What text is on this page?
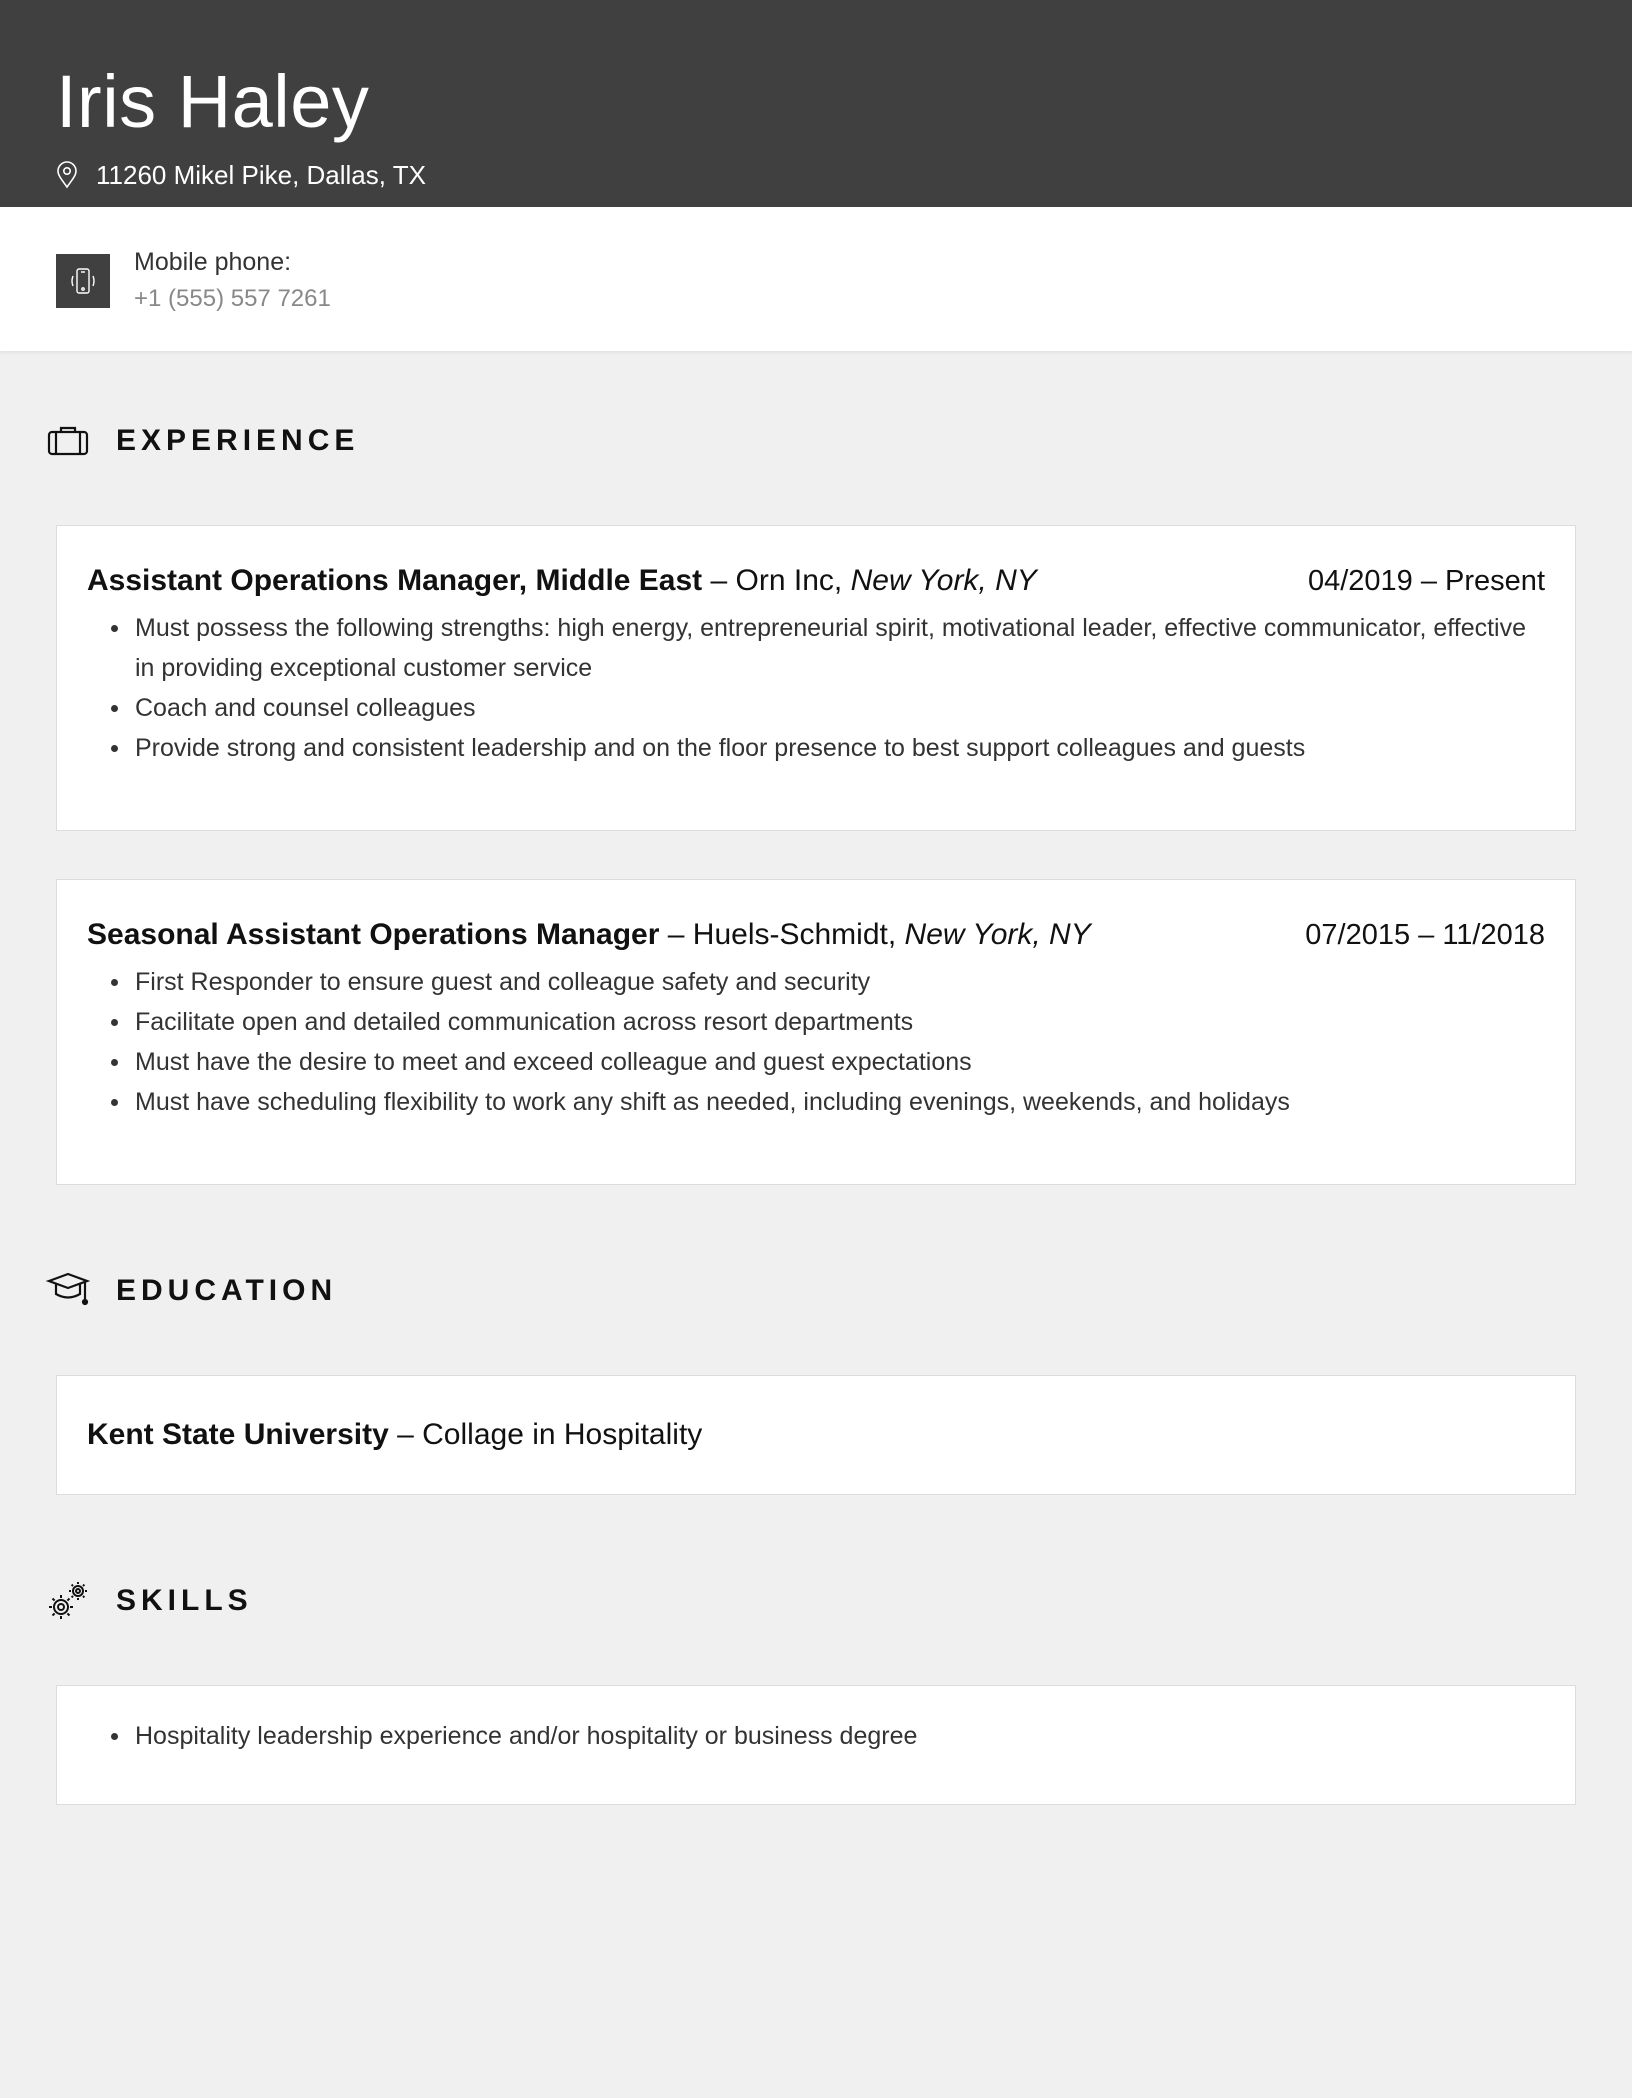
Iris Haley
11260 Mikel Pike, Dallas, TX
Mobile phone:
+1 (555) 557 7261
EXPERIENCE
Assistant Operations Manager, Middle East – Orn Inc, New York, NY	04/2019 – Present
Must possess the following strengths: high energy, entrepreneurial spirit, motivational leader, effective communicator, effective in providing exceptional customer service
Coach and counsel colleagues
Provide strong and consistent leadership and on the floor presence to best support colleagues and guests
Seasonal Assistant Operations Manager – Huels-Schmidt, New York, NY	07/2015 – 11/2018
First Responder to ensure guest and colleague safety and security
Facilitate open and detailed communication across resort departments
Must have the desire to meet and exceed colleague and guest expectations
Must have scheduling flexibility to work any shift as needed, including evenings, weekends, and holidays
EDUCATION
Kent State University – Collage in Hospitality
SKILLS
Hospitality leadership experience and/or hospitality or business degree
